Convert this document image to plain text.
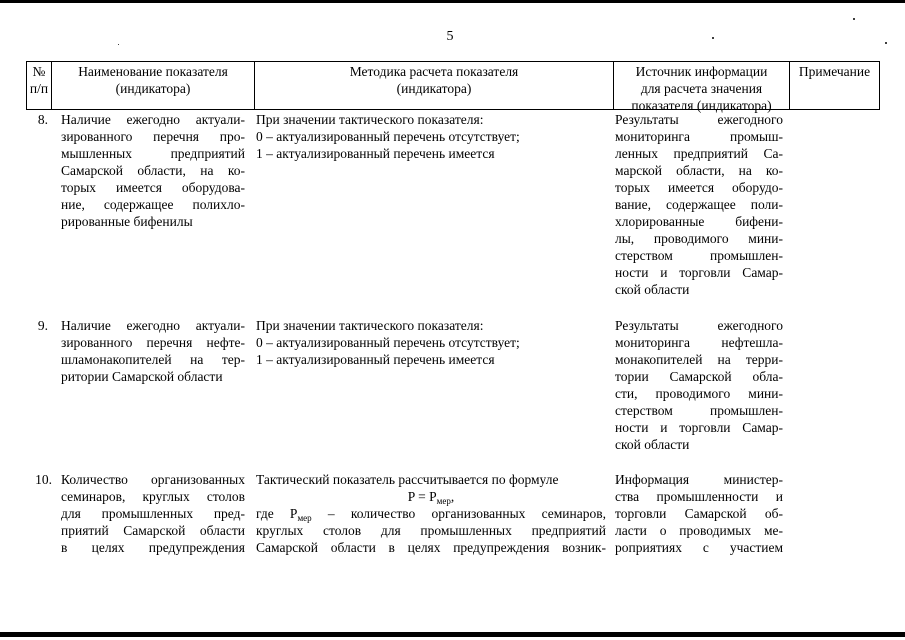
5
№
п/п
Наименование показателя
(индикатора)
Методика расчета показателя
(индикатора)
Источник информации
для расчета значения
показателя (индикатора)
Примечание
8. Наличие ежегодно актуали-
зированного перечня про-
мышленных предприятий
Самарской области, на ко-
торых имеется оборудова-
ние, содержащее полихло-
рированные бифенилы
При значении тактического показателя:
0 – актуализированный перечень отсутствует;
1 – актуализированный перечень имеется
Результаты ежегодного
мониторинга промыш-
ленных предприятий Са-
марской области, на ко-
торых имеется оборудо-
вание, содержащее поли-
хлорированные бифени-
лы, проводимого мини-
стерством промышлен-
ности и торговли Самар-
ской области
9. Наличие ежегодно актуали-
зированного перечня нефте-
шламонакопителей на тер-
ритории Самарской области
При значении тактического показателя:
0 – актуализированный перечень отсутствует;
1 – актуализированный перечень имеется
Результаты ежегодного
мониторинга нефтешла-
монакопителей на терри-
тории Самарской обла-
сти, проводимого мини-
стерством промышлен-
ности и торговли Самар-
ской области
10. Количество организованных
семинаров, круглых столов
для промышленных пред-
приятий Самарской области
в целях предупреждения
Тактический показатель рассчитывается по формуле
$P = P_{мер}$,
где $P_{мер}$ – количество организованных семинаров,
круглых столов для промышленных предприятий
Самарской области в целях предупреждения возник-
Информация министер-
ства промышленности и
торговли Самарской об-
ласти о проводимых ме-
роприятиях с участием
